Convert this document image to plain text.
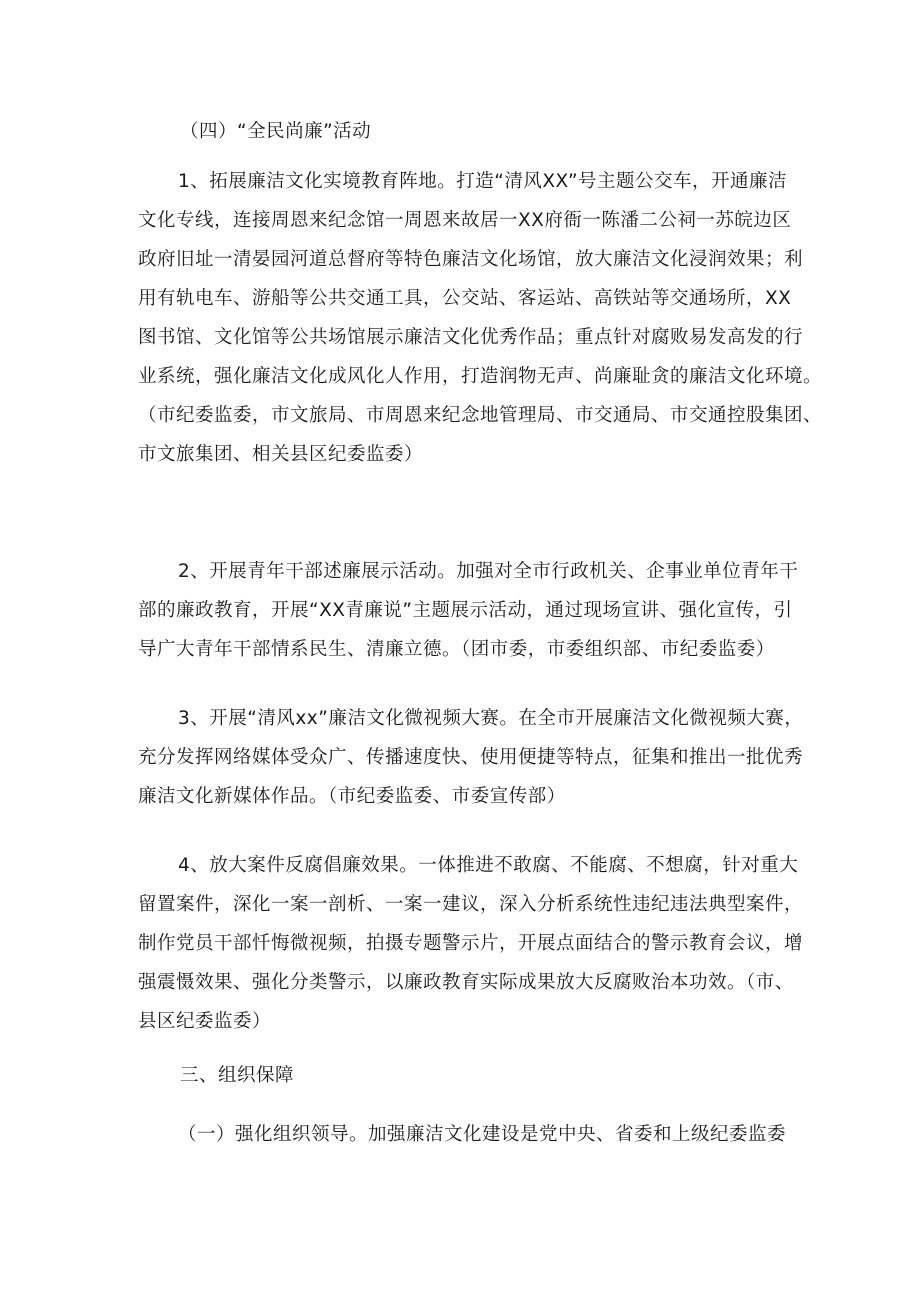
（四）“全民尚廉”活动
1、拓展廉洁文化实境教育阵地。打造“清风XX”号主题公交车，开通廉洁
文化专线，连接周恩来纪念馆一周恩来故居一XX府衙一陈潘二公祠一苏皖边区
政府旧址一清晏园河道总督府等特色廉洁文化场馆，放大廉洁文化浸润效果；利
用有轨电车、游船等公共交通工具，公交站、客运站、高铁站等交通场所，XX
图书馆、文化馆等公共场馆展示廉洁文化优秀作品；重点针对腐败易发高发的行
业系统，强化廉洁文化成风化人作用，打造润物无声、尚廉耻贪的廉洁文化环境。
（市纪委监委，市文旅局、市周恩来纪念地管理局、市交通局、市交通控股集团、
市文旅集团、相关县区纪委监委）
2、开展青年干部述廉展示活动。加强对全市行政机关、企事业单位青年干
部的廉政教育，开展“XX青廉说”主题展示活动，通过现场宣讲、强化宣传，引
导广大青年干部情系民生、清廉立德。（团市委，市委组织部、市纪委监委）
3、开展“清风xx”廉洁文化微视频大赛。在全市开展廉洁文化微视频大赛，
充分发挥网络媒体受众广、传播速度快、使用便捷等特点，征集和推出一批优秀
廉洁文化新媒体作品。（市纪委监委、市委宣传部）
4、放大案件反腐倡廉效果。一体推进不敢腐、不能腐、不想腐，针对重大
留置案件，深化一案一剖析、一案一建议，深入分析系统性违纪违法典型案件，
制作党员干部忏悔微视频，拍摄专题警示片，开展点面结合的警示教育会议，增
强震慑效果、强化分类警示，以廉政教育实际成果放大反腐败治本功效。（市、
县区纪委监委）
三、组织保障
（一）强化组织领导。加强廉洁文化建设是党中央、省委和上级纪委监委
